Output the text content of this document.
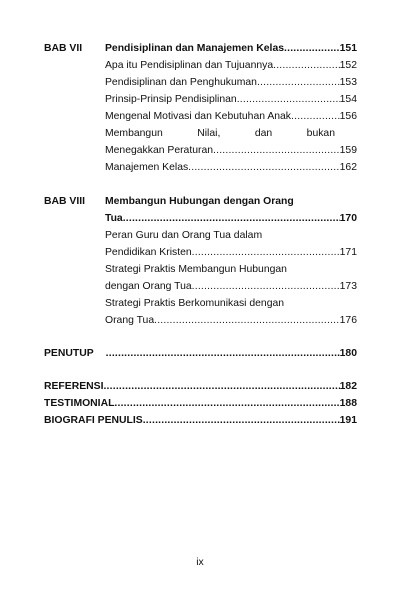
BAB VII Pendisiplinan dan Manajemen Kelas .....	151
Apa itu Pendisiplinan dan Tujuannya .....	152
Pendisiplinan dan Penghukuman .....	153
Prinsip-Prinsip Pendisiplinan .....	154
Mengenal Motivasi dan Kebutuhan Anak .....	156
Membangun	Nilai,	dan	bukan
Menegakkan Peraturan .....	159
Manajemen Kelas .....	162
BAB VIII Membangun Hubungan dengan Orang
Tua .....	170
Peran Guru dan Orang Tua dalam
Pendidikan Kristen .....	171
Strategi Praktis Membangun Hubungan
dengan Orang Tua .....	173
Strategi Praktis Berkomunikasi dengan
Orang Tua .....	176
PENUTUP .....	180
REFERENSI .....	182
TESTIMONIAL .....	188
BIOGRAFI PENULIS .....	191
ix
